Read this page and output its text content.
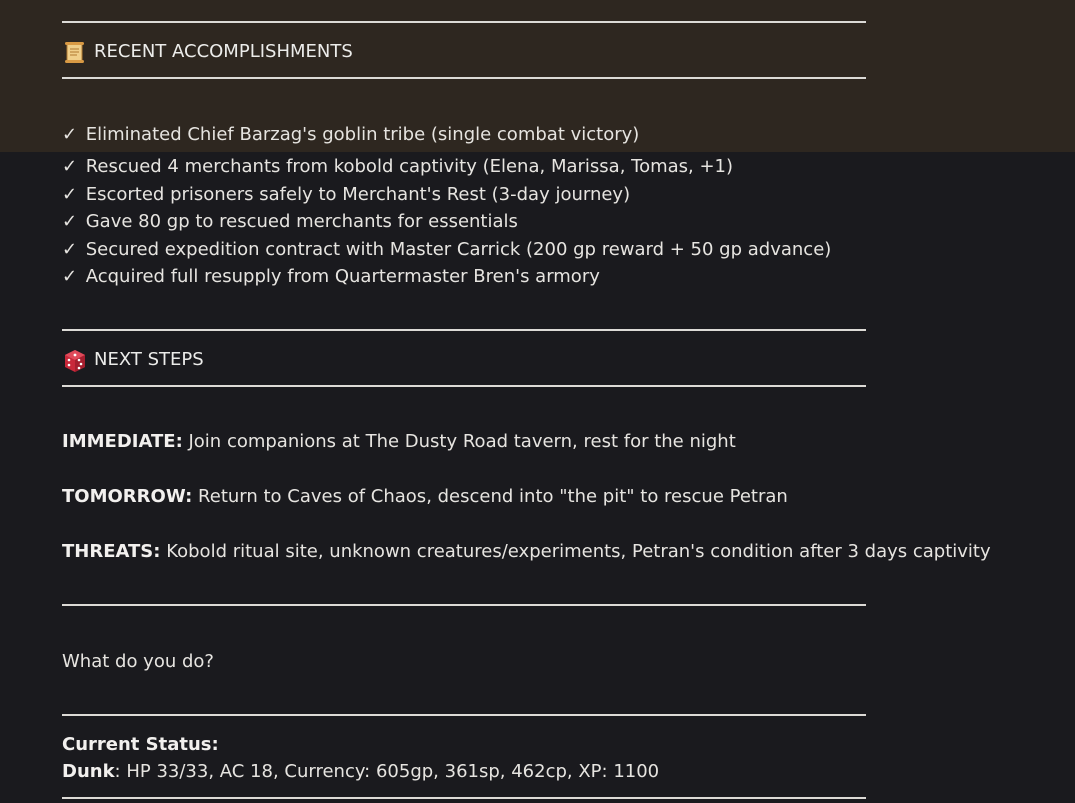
RECENT ACCOMPLISHMENTS
✓ Eliminated Chief Barzag's goblin tribe (single combat victory)
✓ Rescued 4 merchants from kobold captivity (Elena, Marissa, Tomas, +1)
✓ Escorted prisoners safely to Merchant's Rest (3-day journey)
✓ Gave 80 gp to rescued merchants for essentials
✓ Secured expedition contract with Master Carrick (200 gp reward + 50 gp advance)
✓ Acquired full resupply from Quartermaster Bren's armory
NEXT STEPS
IMMEDIATE: Join companions at The Dusty Road tavern, rest for the night
TOMORROW: Return to Caves of Chaos, descend into "the pit" to rescue Petran
THREATS: Kobold ritual site, unknown creatures/experiments, Petran's condition after 3 days captivity
What do you do?
Current Status:
Dunk: HP 33/33, AC 18, Currency: 605gp, 361sp, 462cp, XP: 1100
